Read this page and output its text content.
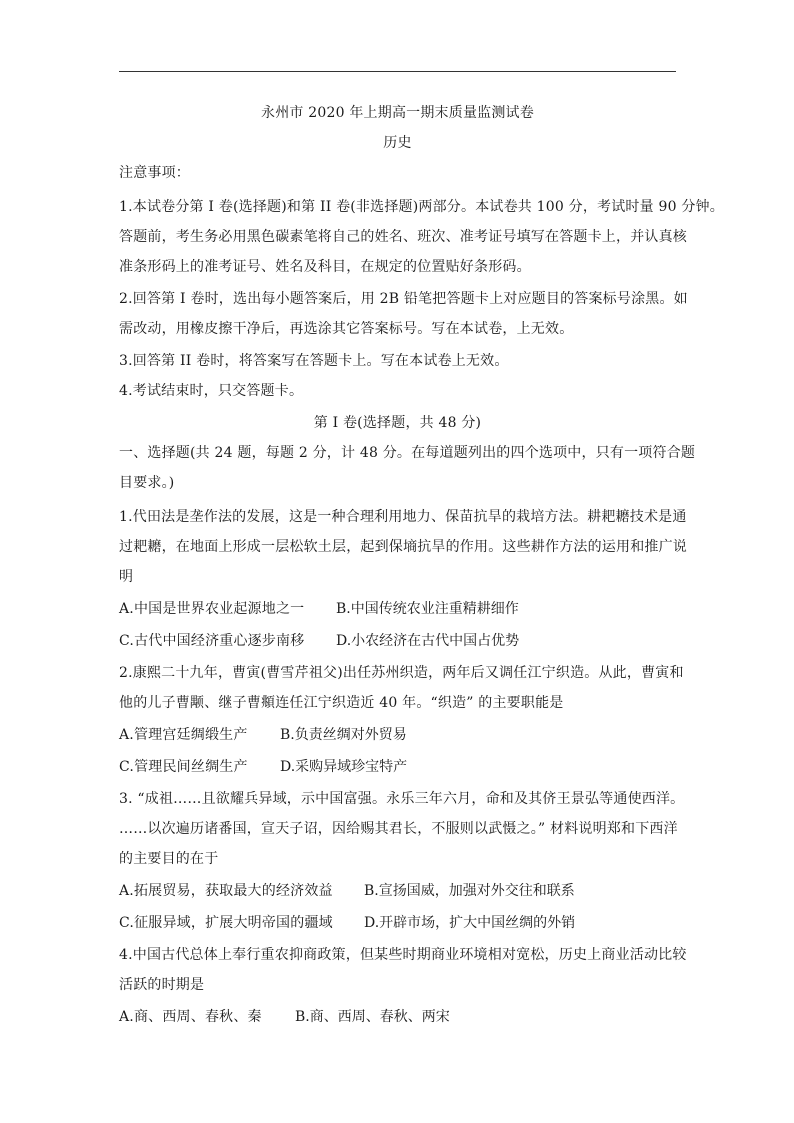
永州市 2020 年上期高一期末质量监测试卷
历史
注意事项：
1.本试卷分第 I 卷(选择题)和第 II 卷(非选择题)两部分。本试卷共 100 分，考试时量 90 分钟。
答题前，考生务必用黑色碳素笔将自己的姓名、班次、准考证号填写在答题卡上，并认真核
准条形码上的准考证号、姓名及科目，在规定的位置贴好条形码。
2.回答第 I 卷时，选出每小题答案后，用 2B 铅笔把答题卡上对应题目的答案标号涂黑。如
需改动，用橡皮擦干净后，再选涂其它答案标号。写在本试卷，上无效。
3.回答第 II 卷时，将答案写在答题卡上。写在本试卷上无效。
4.考试结束时，只交答题卡。
第 I 卷(选择题，共 48 分)
一、选择题(共 24 题，每题 2 分，计 48 分。在每道题列出的四个选项中，只有一项符合题
目要求。)
1.代田法是垄作法的发展，这是一种合理利用地力、保苗抗旱的栽培方法。耕耙耱技术是通
过耙耱，在地面上形成一层松软土层，起到保墒抗旱的作用。这些耕作方法的运用和推广说
明
A.中国是世界农业起源地之一 B.中国传统农业注重精耕细作
C.古代中国经济重心逐步南移 D.小农经济在古代中国占优势
2.康熙二十九年，曹寅(曹雪芹祖父)出任苏州织造，两年后又调任江宁织造。从此，曹寅和
他的儿子曹颙、继子曹頫连任江宁织造近 40 年。“织造” 的主要职能是
A.管理宫廷绸缎生产 B.负责丝绸对外贸易
C.管理民间丝绸生产 D.采购异域珍宝特产
3. “成祖……且欲耀兵异域，示中国富强。永乐三年六月，命和及其侪王景弘等通使西洋。
……以次遍历诸番国，宣天子诏，因给赐其君长，不服则以武慑之。” 材料说明郑和下西洋
的主要目的在于
A.拓展贸易，获取最大的经济效益 B.宣扬国威，加强对外交往和联系
C.征服异域，扩展大明帝国的疆域 D.开辟市场，扩大中国丝绸的外销
4.中国古代总体上奉行重农抑商政策，但某些时期商业环境相对宽松，历史上商业活动比较
活跃的时期是
A.商、西周、春秋、秦 B.商、西周、春秋、两宋
